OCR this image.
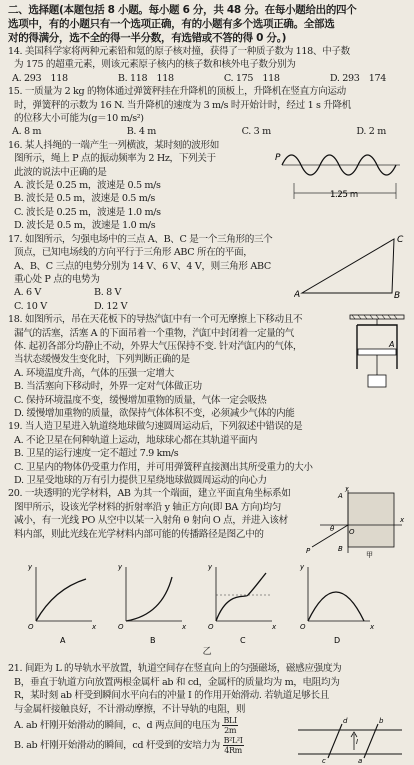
二、选择题(本题包括 8 小题。每小题 6 分，共 48 分。在每小题给出的四个
选项中，有的小题只有一个选项正确，有的小题有多个选项正确。全部选
对的得满分，选不全的得一半分数，有选错或不答的得 0 分。)
14. 美国科学家将两种元素铅和氪的原子核对撞，获得了一种质子数为 118、中子数
为 175 的超重元素，则该元素原子核内的核子数和核外电子数分别为
A. 293　118	B. 118　118	C. 175　118	D. 293　174
15. 一质量为 2 kg 的物体通过弹簧秤挂在升降机的顶板上，升降机在竖直方向运动
时，弹簧秤的示数为 16 N. 当升降机的速度为 3 m/s 时开始计时，经过 1 s 升降机
的位移大小可能为(g＝10 m/s²)
A. 8 m	B. 4 m	C. 3 m	D. 2 m
P
1.25 m
16. 某人抖绳的一端产生一列横波，某时刻的波形如
图所示，绳上 P 点的振动频率为 2 Hz，下列关于
此波的说法中正确的是
A. 波长是 0.25 m，波速是 0.5 m/s
B. 波长是 0.5 m，波速是 0.5 m/s
C. 波长是 0.25 m，波速是 1.0 m/s
D. 波长是 0.5 m，波速是 1.0 m/s
A	B
C
17. 如图所示，匀强电场中的三点 A、B、C 是一个三角形的三个
顶点，已知电场线的方向平行于三角形 ABC 所在的平面，
A、B、C 三点的电势分别为 14 V、6 V、4 V，则三角形 ABC
重心处 P 点的电势为
A. 6 V	B. 8 V
C. 10 V	D. 12 V
A
18. 如图所示，吊在天花板下的导热汽缸中有一个可无摩擦上下移动且不
漏气的活塞，活塞 A 的下面吊着一个重物，汽缸中封闭着一定量的气
体. 起初各部分均静止不动，外界大气压保持不变. 针对汽缸内的气体，
当状态缓慢发生变化时，下列判断正确的是
A. 环境温度升高，气体的压强一定增大
B. 当活塞向下移动时，外界一定对气体做正功
C. 保持环境温度不变，缓慢增加重物的质量，气体一定会吸热
D. 缓慢增加重物的质量，欲保持气体体积不变，必须减少气体的内能
19. 当人造卫星进入轨道绕地球做匀速圆周运动后，下列叙述中错误的是
A. 不论卫星在何种轨道上运动，地球球心都在其轨道平面内
B. 卫星的运行速度一定不超过 7.9 km/s
C. 卫星内的物体仍受重力作用，并可用弹簧秤直接测出其所受重力的大小
D. 卫星受地球的万有引力提供卫星绕地球做圆周运动的向心力
y
x
A
B
P
O
θ
甲
20. 一块透明的光学材料，AB 为其一个端面，建立平面直角坐标系如
图甲所示，设该光学材料的折射率沿 y 轴正方向(即 BA 方向)均匀
减小，有一光线 PO 从空中以某一入射角 θ 射向 O 点，并进入该材
料内部，则此光线在光学材料内部可能的传播路径是图乙中的
y
x
O
A
y
x
O
B
y
x
O
C
y
x
O
D
乙
21. 间距为 L 的导轨水平放置，轨道空间存在竖直向上的匀强磁场，磁感应强度为
B，垂直于轨道方向放置两根金属杆 ab 和 cd，金属杆的质量均为 m，电阻均为
R，某时刻 ab 杆受到瞬间水平向右的冲量 I 的作用开始滑动. 若轨道足够长且
与金属杆接触良好，不计滑动摩擦，不计导轨的电阻，则
d
c
b
a
I
A. ab 杆刚开始滑动的瞬间，c、d 两点间的电压为 $\frac{\text{BLI}}{2m}$
B. ab 杆刚开始滑动的瞬间，cd 杆受到的安培力为 $\frac{\text{B²L²I}}{4Rm}$
